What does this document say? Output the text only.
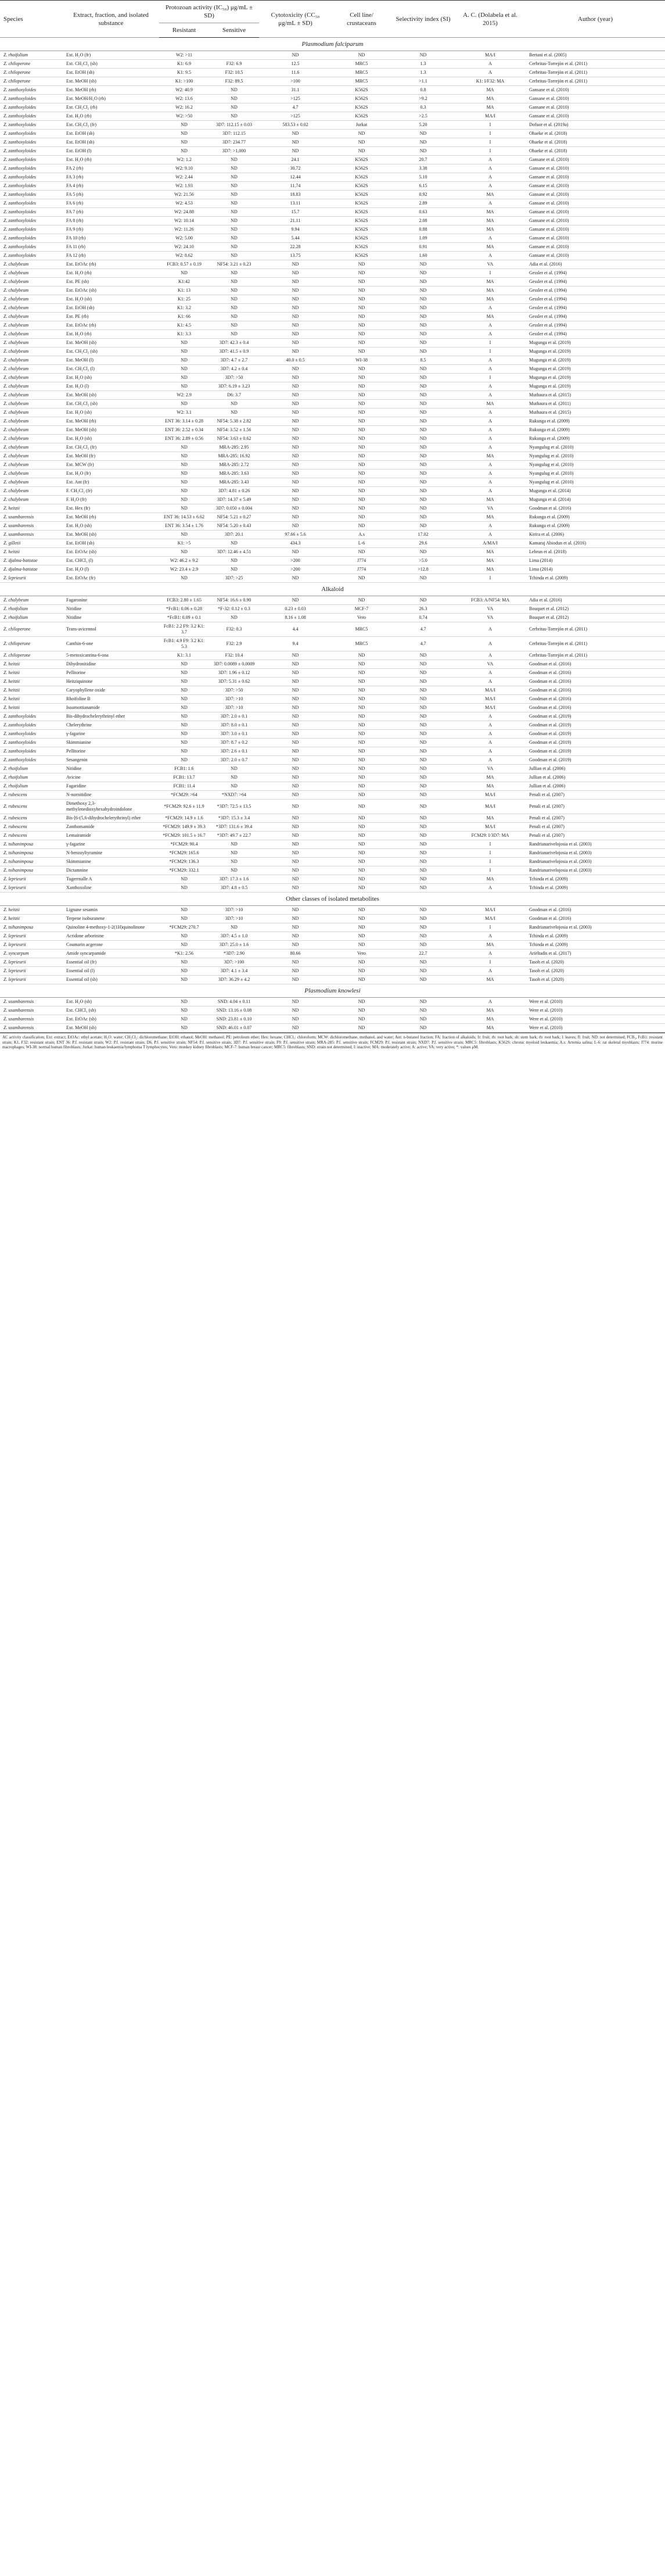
Species	Extract, fraction, and isolated substance	Protozoan activity (IC₅₀) μg/mL ± SD)		Cytotoxicity (CC₅₀ μg/mL ± SD)	Cell line/ crustaceans	Selectivity index (SI)	A. C. (Dolabela et al. 2015)	Author (year)
		Resistant	Sensitive					
Plasmodium falciparum								
Z. rhoifolium	Ext. H₂O (fr)	W2: >11		ND	ND	ND	MA/I	Bertani et al. (2005)
Z. chiloperone	Ext. CH₂Cl₂ (sb)	K1: 6.9	F32: 6.9	12.5	MRC5	1.3	A	Cerbritas-Torrejón et al. (2011)
Z. chiloperone	Ext. EtOH (sb)	K1: 9.5	F32: 10.5	11.6	MRC5	1.3	A	Cerbritas-Torrejón et al. (2011)
Z. chiloperone	Ext. MeOH (sb)	K1: >100	F32: 89.5	>100	MRC5	>1.1	K1: I/F32: MA	Cerbritas-Torrejón et al. (2011)
Z. zanthoxyloides	Ext. MeOH (rb)	W2: 40.9	ND	31.1	K562S	0.8	MA	Gansane et al. (2010)
Z. zanthoxyloides	Ext. MeOH/H₂O (rb)	W2: 13.6	ND	>125	K562S	>9.2	MA	Gansane et al. (2010)
Z. zanthoxyloides	Ext. CH₂Cl₂ (rb)	W2: 16.2	ND	4.7	K562S	0.3	MA	Gansane et al. (2010)
Z. zanthoxyloides	Ext. H₂O (rb)	W2: >50	ND	>125	K562S	>2.5	MA/I	Gansane et al. (2010)
Z. zanthoxyloides	Ext. CH₂Cl₂ (fr)	ND	3D7: 112.15 ± 0.03	583.53 ± 0.02	Jurkat	5.20	I	Dofuor et al. (2019a)
Z. zanthoxyloides	Ext. EtOH (sb)	ND	3D7: 112.15	ND	ND	ND	I	Ohaeke et al. (2018)
Z. zanthoxyloides	Ext. EtOH (sb)	ND	3D7: 234.77	ND	ND	ND	I	Ohaeke et al. (2018)
Z. zanthoxyloides	Ext. EtOH (l)	ND	3D7: >1,000	ND	ND	ND	I	Ohaeke et al. (2018)
Z. zanthoxyloides	Ext. H₂O (rb)	W2: 1.2	ND	24.1	K562S	20.7	A	Gansane et al. (2010)
Z. zanthoxyloides	FA 2 (rb)	W2: 9.10	ND	30.72	K562S	3.38	A	Gansane et al. (2010)
Z. zanthoxyloides	FA 3 (rb)	W2: 2.44	ND	12.44	K562S	5.10	A	Gansane et al. (2010)
Z. zanthoxyloides	FA 4 (rb)	W2: 1.93	ND	11.74	K562S	6.15	A	Gansane et al. (2010)
Z. zanthoxyloides	FA 5 (rb)	W2: 21.56	ND	18.83	K562S	0.92	MA	Gansane et al. (2010)
Z. zanthoxyloides	FA 6 (rb)	W2: 4.53	ND	13.11	K562S	2.89	A	Gansane et al. (2010)
Z. zanthoxyloides	FA 7 (rb)	W2: 24.88	ND	15.7	K562S	0.63	MA	Gansane et al. (2010)
Z. zanthoxyloides	FA 8 (rb)	W2: 10.14	ND	21.11	K562S	2.08	MA	Gansane et al. (2010)
Z. zanthoxyloides	FA 9 (rb)	W2: 11.26	ND	9.94	K562S	0.88	MA	Gansane et al. (2010)
Z. zanthoxyloides	FA 10 (rb)	W2: 5.00	ND	5.44	K562S	1.09	A	Gansane et al. (2010)
Z. zanthoxyloides	FA 11 (rb)	W2: 24.10	ND	22.28	K562S	0.91	MA	Gansane et al. (2010)
Z. zanthoxyloides	FA 12 (rb)	W2: 8.62	ND	13.75	K562S	1.60	A	Gansane et al. (2010)
Z. chalybeum	Ext. EtOAc (rb)	FCB3: 0.57 ± 0.19	NF54: 3.21 ± 0.23	ND	ND	ND	VA	Adia et al. (2016)
Z. chalybeum	Ext. H₂O (rb)	ND	ND	ND	ND	ND	I	Gessler et al. (1994)
Z. chalybeum	Ext. PE (sb)	K1:42	ND	ND	ND	ND	MA	Gessler et al. (1994)
Z. chalybeum	Ext. EtOAc (sb)	K1: 13	ND	ND	ND	ND	MA	Gessler et al. (1994)
Z. chalybeum	Ext. H₂O (sb)	K1: 25	ND	ND	ND	ND	MA	Gessler et al. (1994)
Z. chalybeum	Ext. EtOH (sb)	K1: 3.2	ND	ND	ND	ND	A	Gessler et al. (1994)
Z. chalybeum	Ext. PE (rb)	K1: 66	ND	ND	ND	ND	MA	Gessler et al. (1994)
Z. chalybeum	Ext. EtOAc (rb)	K1: 4.5	ND	ND	ND	ND	A	Gessler et al. (1994)
Z. chalybeum	Ext. H₂O (rb)	K1: 3.3	ND	ND	ND	ND	A	Gessler et al. (1994)
Z. chalybeum	Ext. MeOH (sb)	ND	3D7: 42.3 ± 0.4	ND	ND	ND	I	Mugunga et al. (2019)
Z. chalybeum	Ext. CH₂Cl₂ (sb)	ND	3D7: 41.5 ± 0.9	ND	ND	ND	I	Mugunga et al. (2019)
Z. chalybeum	Ext. MeOH (l)	ND	3D7: 4.7 ± 2.7	40.0 ± 0.5	WI-38	8.5	A	Mugunga et al. (2019)
Z. chalybeum	Ext. CH₂Cl₂ (l)	ND	3D7: 4.2 ± 0.4	ND	ND	ND	A	Mugunga et al. (2019)
Z. chalybeum	Ext. H₂O (sb)	ND	3D7: >50	ND	ND	ND	I	Mugunga et al. (2019)
Z. chalybeum	Ext. H₂O (l)	ND	3D7: 6.19 ± 3.23	ND	ND	ND	A	Mugunga et al. (2019)
Z. chalybeum	Ext. MeOH (sb)	W2: 2.9	D6: 3.7	ND	ND	ND	A	Muthaura et al. (2015)
Z. chalybeum	Ext. CH₂Cl₂ (sb)	ND	ND	ND	ND	ND	MA	Muthaura et al. (2011)
Z. chalybeum	Ext. H₂O (sb)	W2: 3.1	ND	ND	ND	ND	A	Muthaura et al. (2015)
Z. chalybeum	Ext. MeOH (rb)	ENT 36: 3.14 ± 0.28	NF54: 5.38 ± 2.82	ND	ND	ND	A	Rukunga et al. (2009)
Z. chalybeum	Ext. MeOH (sb)	ENT 36: 2.52 ± 0.34	NF54: 3.52 ± 1.56	ND	ND	ND	A	Rukunga et al. (2009)
Z. chalybeum	Ext. H₂O (sb)	ENT 36: 2.89 ± 0.56	NF54: 3.63 ± 0.62	ND	ND	ND	A	Rukunga et al. (2009)
Z. chalybeum	Ext. CH₂Cl₂ (fr)	ND	MRA-285: 2.95	ND	ND	ND	A	Nyangulug et al. (2010)
Z. chalybeum	Ext. MeOH (fr)	ND	MRA-285: 16.92	ND	ND	ND	MA	Nyangulug et al. (2010)
Z. chalybeum	Ext. MCW (fr)	ND	MRA-285: 2.72	ND	ND	ND	A	Nyangulug et al. (2010)
Z. chalybeum	Ext. H₂O (fr)	ND	MRA-285: 3.63	ND	ND	ND	A	Nyangulug et al. (2010)
Z. chalybeum	Ext. Ant (fr)	ND	MRA-285: 3.43	ND	ND	ND	A	Nyangulug et al. (2010)
Z. chalybeum	F. CH₂Cl₂ (fr)	ND	3D7: 4.81 ± 0.26	ND	ND	ND	A	Mugunga et al. (2014)
Z. chalybeum	F. H₂O (fr)	ND	3D7: 14.37 ± 5.49	ND	ND	ND	MA	Mugunga et al. (2014)
Z. heitzii	Ext. Hex (fr)	ND	3D7: 0.050 ± 0.004	ND	ND	ND	VA	Goodman et al. (2016)
Z. usambarensis	Ext. MeOH (rb)	ENT 36: 14.53 ± 6.62	NF54: 5.21 ± 0.27	ND	ND	ND	MA	Rukunga et al. (2009)
Z. usambarensis	Ext. H₂O (sb)	ENT 36: 3.54 ± 1.76	NF54: 5.20 ± 0.43	ND	ND	ND	A	Rukunga et al. (2009)
Z. usambarensis	Ext. MeOH (sb)	ND	3D7: 20.1	97.66 ± 5.6	A.s	17.02	A	Kirira et al. (2006)
Z. gilletii	Ext. EtOH (sb)	K1: >5	ND	434.3	L-6	29.6	A/MA/I	Kamaraj Abiodun et al. (2016)
Z. heitzii	Ext. EtOAc (sb)	ND	3D7: 12.46 ± 4.51	ND	ND	ND	MA	Lebrun et al. (2018)
Z. djalma-batistae	Ext. CHCl₃ (l)	W2: 46.2 ± 9.2	ND	>200	J774	>5.0	MA	Lima (2014)
Z. djalma-batistae	Ext. H₂O (l)	W2: 23.4 ± 2.9	ND	>200	J774	>12.8	MA	Lima (2014)
Z. leprieurii	Ext. EtOAc (fr)	ND	3D7: >25	ND	ND	ND	I	Tchinda et al. (2009)
Alkaloid								
Z. chalybeum	Fagaronine	FCB3: 2.80 ± 1.65	NF54: 16.6 ± 0.90	ND	ND	ND	FCB3: A/NF54: MA	Adia et al. (2016)
Z. rhoifolium	Nitidine	*FcB1: 0.06 ± 0.28	*F-32: 0.12 ± 0.3	0.23 ± 0.03	MCF-7	26.3	VA	Bouquet et al. (2012)
Z. rhoifolium	Nitidine	*FcB1: 0.09 ± 0.1	ND	8.16 ± 1.08	Vero	0.74	VA	Bouquet et al. (2012)
Z. chiloperone	Trans-avicennol	FcB1: 2.2 F9: 3.2 K1: 3.7	F32: 0.3	4.4	MRC5	4.7	A	Cerbritas-Torrejón et al. (2011)
Z. chiloperone	Canthin-6-one	FcB1: 4.9 F9: 3.2 K1: 5.3	F32: 2.9	9.4	MRC5	4.7	A	Cerbritas-Torrejón et al. (2011)
Z. chiloperone	5-metoxicantina-6-ona	K1: 3.1	F32: 10.4	ND	ND	ND	A	Cerbritas-Torrejón et al. (2011)
Z. heitzii	Dihydronitidine	ND	3D7: 0.0089 ± 0.0009	ND	ND	ND	VA	Goodman et al. (2016)
Z. heitzii	Pellitorine	ND	3D7: 1.96 ± 0.12	ND	ND	ND	A	Goodman et al. (2016)
Z. heitzii	Heitziquinone	ND	3D7: 5.31 ± 0.62	ND	ND	ND	A	Goodman et al. (2016)
Z. heitzii	Caryophyllene oxide	ND	3D7: >50	ND	ND	ND	MA/I	Goodman et al. (2016)
Z. heitzii	Rhoifoline B	ND	3D7: >10	ND	ND	ND	MA/I	Goodman et al. (2016)
Z. heitzii	Isoarnottianamide	ND	3D7: >10	ND	ND	ND	MA/I	Goodman et al. (2016)
Z. zanthoxyloides	Bis-dihydrochelerythrinyl ether	ND	3D7: 2.0 ± 0.1	ND	ND	ND	A	Goodman et al. (2019)
Z. zanthoxyloides	Chelerythrine	ND	3D7: 8.0 ± 0.1	ND	ND	ND	A	Goodman et al. (2019)
Z. zanthoxyloides	γ-fagarine	ND	3D7: 3.0 ± 0.1	ND	ND	ND	A	Goodman et al. (2019)
Z. zanthoxyloides	Skimmianine	ND	3D7: 8.7 ± 0.2	ND	ND	ND	A	Goodman et al. (2019)
Z. zanthoxyloides	Pellitorine	ND	3D7: 2.6 ± 0.1	ND	ND	ND	A	Goodman et al. (2019)
Z. zanthoxyloides	Sesangenin	ND	3D7: 2.0 ± 0.7	ND	ND	ND	A	Goodman et al. (2019)
Z. rhoifolium	Nitidine	FCB1: 1.6	ND	ND	ND	ND	VA	Jullian et al. (2006)
Z. rhoifolium	Avicine	FCB1: 13.7	ND	ND	ND	ND	MA	Jullian et al. (2006)
Z. rhoifolium	Fagaridine	FCB1: 11.4	ND	ND	ND	ND	MA	Jullian et al. (2006)
Z. rubescens	N-nornitidine	*FCM29: >64	*NXD7: >64	ND	ND	ND	MA/I	Penali et al. (2007)
Z. rubescens	Dimethoxy 2,3-methylenedioxyhexahydroindolone	*FCM29: 92.6 ± 11.9	*3D7: 72.5 ± 13.5	ND	ND	ND	MA/I	Penali et al. (2007)
Z. rubescens	Bis-[6-(5,6-dihydrochelerythrinyl) ether	*FCM29: 14.9 ± 1.6	*3D7: 15.3 ± 3.4	ND	ND	ND	MA	Penali et al. (2007)
Z. rubescens	Zanthomamide	*FCM29: 149.9 ± 39.3	*3D7: 131.6 ± 39.4	ND	ND	ND	MA/I	Penali et al. (2007)
Z. rubescens	Lemairamide	*FCM29: 101.5 ± 16.7	*3D7: 49.7 ± 22.7	ND	ND	ND	FCM29: I/3D7: MA	Penali et al. (2007)
Z. tsihanimposa	γ-fagarine	*FCM29: 90.4	ND	ND	ND	ND	I	Randrianarivelojosia et al. (2003)
Z. tsihanimposa	N-benzoyltyramine	*FCM29: 165.6	ND	ND	ND	ND	I	Randrianarivelojosia et al. (2003)
Z. tsihanimposa	Skimmianine	*FCM29: 136.3	ND	ND	ND	ND	I	Randrianarivelojosia et al. (2003)
Z. tsihanimposa	Dictamnine	*FCM29: 332.1	ND	ND	ND	ND	I	Randrianarivelojosia et al. (2003)
Z. leprieurii	Tugerrnalle A	ND	3D7: 17.3 ± 1.6	ND	ND	ND	MA	Tchinda et al. (2009)
Z. leprieurii	Xanthoxoline	ND	3D7: 4.8 ± 0.5	ND	ND	ND	A	Tchinda et al. (2009)
Other classes of isolated metabolites								
Z. heitzii	Lignane sesamin	ND	3D7: >10	ND	ND	ND	MA/I	Goodman et al. (2016)
Z. heitzii	Terpene isoburanene	ND	3D7: >10	ND	ND	ND	MA/I	Goodman et al. (2016)
Z. tsihanimposa	Quinoline 4-methoxy-1-2(1H)quinolinone	*FCM29: 270.7	ND	ND	ND	ND	I	Randrianarivelojosia et al. (2003)
Z. leprieurii	Acridone arborinine	ND	3D7: 4.5 ± 1.0	ND	ND	ND	A	Tchinda et al. (2009)
Z. leprieurii	Coumarin acgerone	ND	3D7: 25.0 ± 1.6	ND	ND	ND	MA	Tchinda et al. (2009)
Z. syncarpum	Amide syncarpamide	*K1: 2.56	*3D7: 2.90	80.66	Vero	22.7	A	Ariëltadis et al. (2017)
Z. leprieurii	Essential oil (fr)	ND	3D7: >100	ND	ND	ND	I	Tasoh et al. (2020)
Z. leprieurii	Essential oil (l)	ND	3D7: 4.1 ± 3.4	ND	ND	ND	A	Tasoh et al. (2020)
Z. leprieurii	Essential oil (sb)	ND	3D7: 36.29 ± 4.2	ND	ND	ND	MA	Tasoh et al. (2020)
Plasmodium knowlesi								
Z. usambarensis	Ext. H₂O (sb)	ND	SND: 4.04 ± 0.11	ND	ND	ND	A	Were et al. (2010)
Z. usambarensis	Ext. CHCl₃ (sb)	ND	SND: 13.16 ± 0.08	ND	ND	ND	MA	Were et al. (2010)
Z. usambarensis	Ext. EtOAc (sb)	ND	SND: 23.81 ± 0.10	ND	ND	ND	MA	Were et al. (2010)
Z. usambarensis	Ext. MeOH (sb)	ND	SND: 46.01 ± 0.07	ND	ND	ND	MA	Were et al. (2010)
AC activity classification; Ext: extract; EtOAc: ethyl acetate; H₂O: water; CH₂Cl₂: dichloromethane; EtOH: ethanol; MeOH: methanol; PE: petroleum ether; Hex: hexane; CHCl₃: chloroform; MCW: dichloromethane, methanol, and water; Ant: n-butanol fraction; FA: fraction of alkaloids; fr: fruit; rb: root bark; sb: stem bark; rb: root bark; l: leaves; fl: fruit; ND: not determined; FCB₃, FcB1: resistant strain; K1, F32: resistant strain; ENT 36: P.f. resistant strain; W2: P.f. resistant strain; D6, P.f. sensitive strain; NF54: P.f. sensitive strain; 3D7: P.f. sensitive strain; F9: P.f. sensitive strain; MRA-285: P.f. sensitive strain; FCM29: P.f. resistant strain; NXD7: P.f. sensitive strain; MRC5: fibroblasts; K562S: chronic myeloid leukaemia; A.s: Artemia salina; L-6: rat skeletal myoblasts; J774: murine macrophages; WI-38: normal human fibroblasts; Jurkat: human leukaemia/lymphoma T lymphocytes; Vero: monkey kidney fibroblasts; MCF-7: human breast cancer; MRC5: fibroblasts; SND: strain not determined; I: inactive; MA: moderately active; A: active; VA: very active; *: values μM.
